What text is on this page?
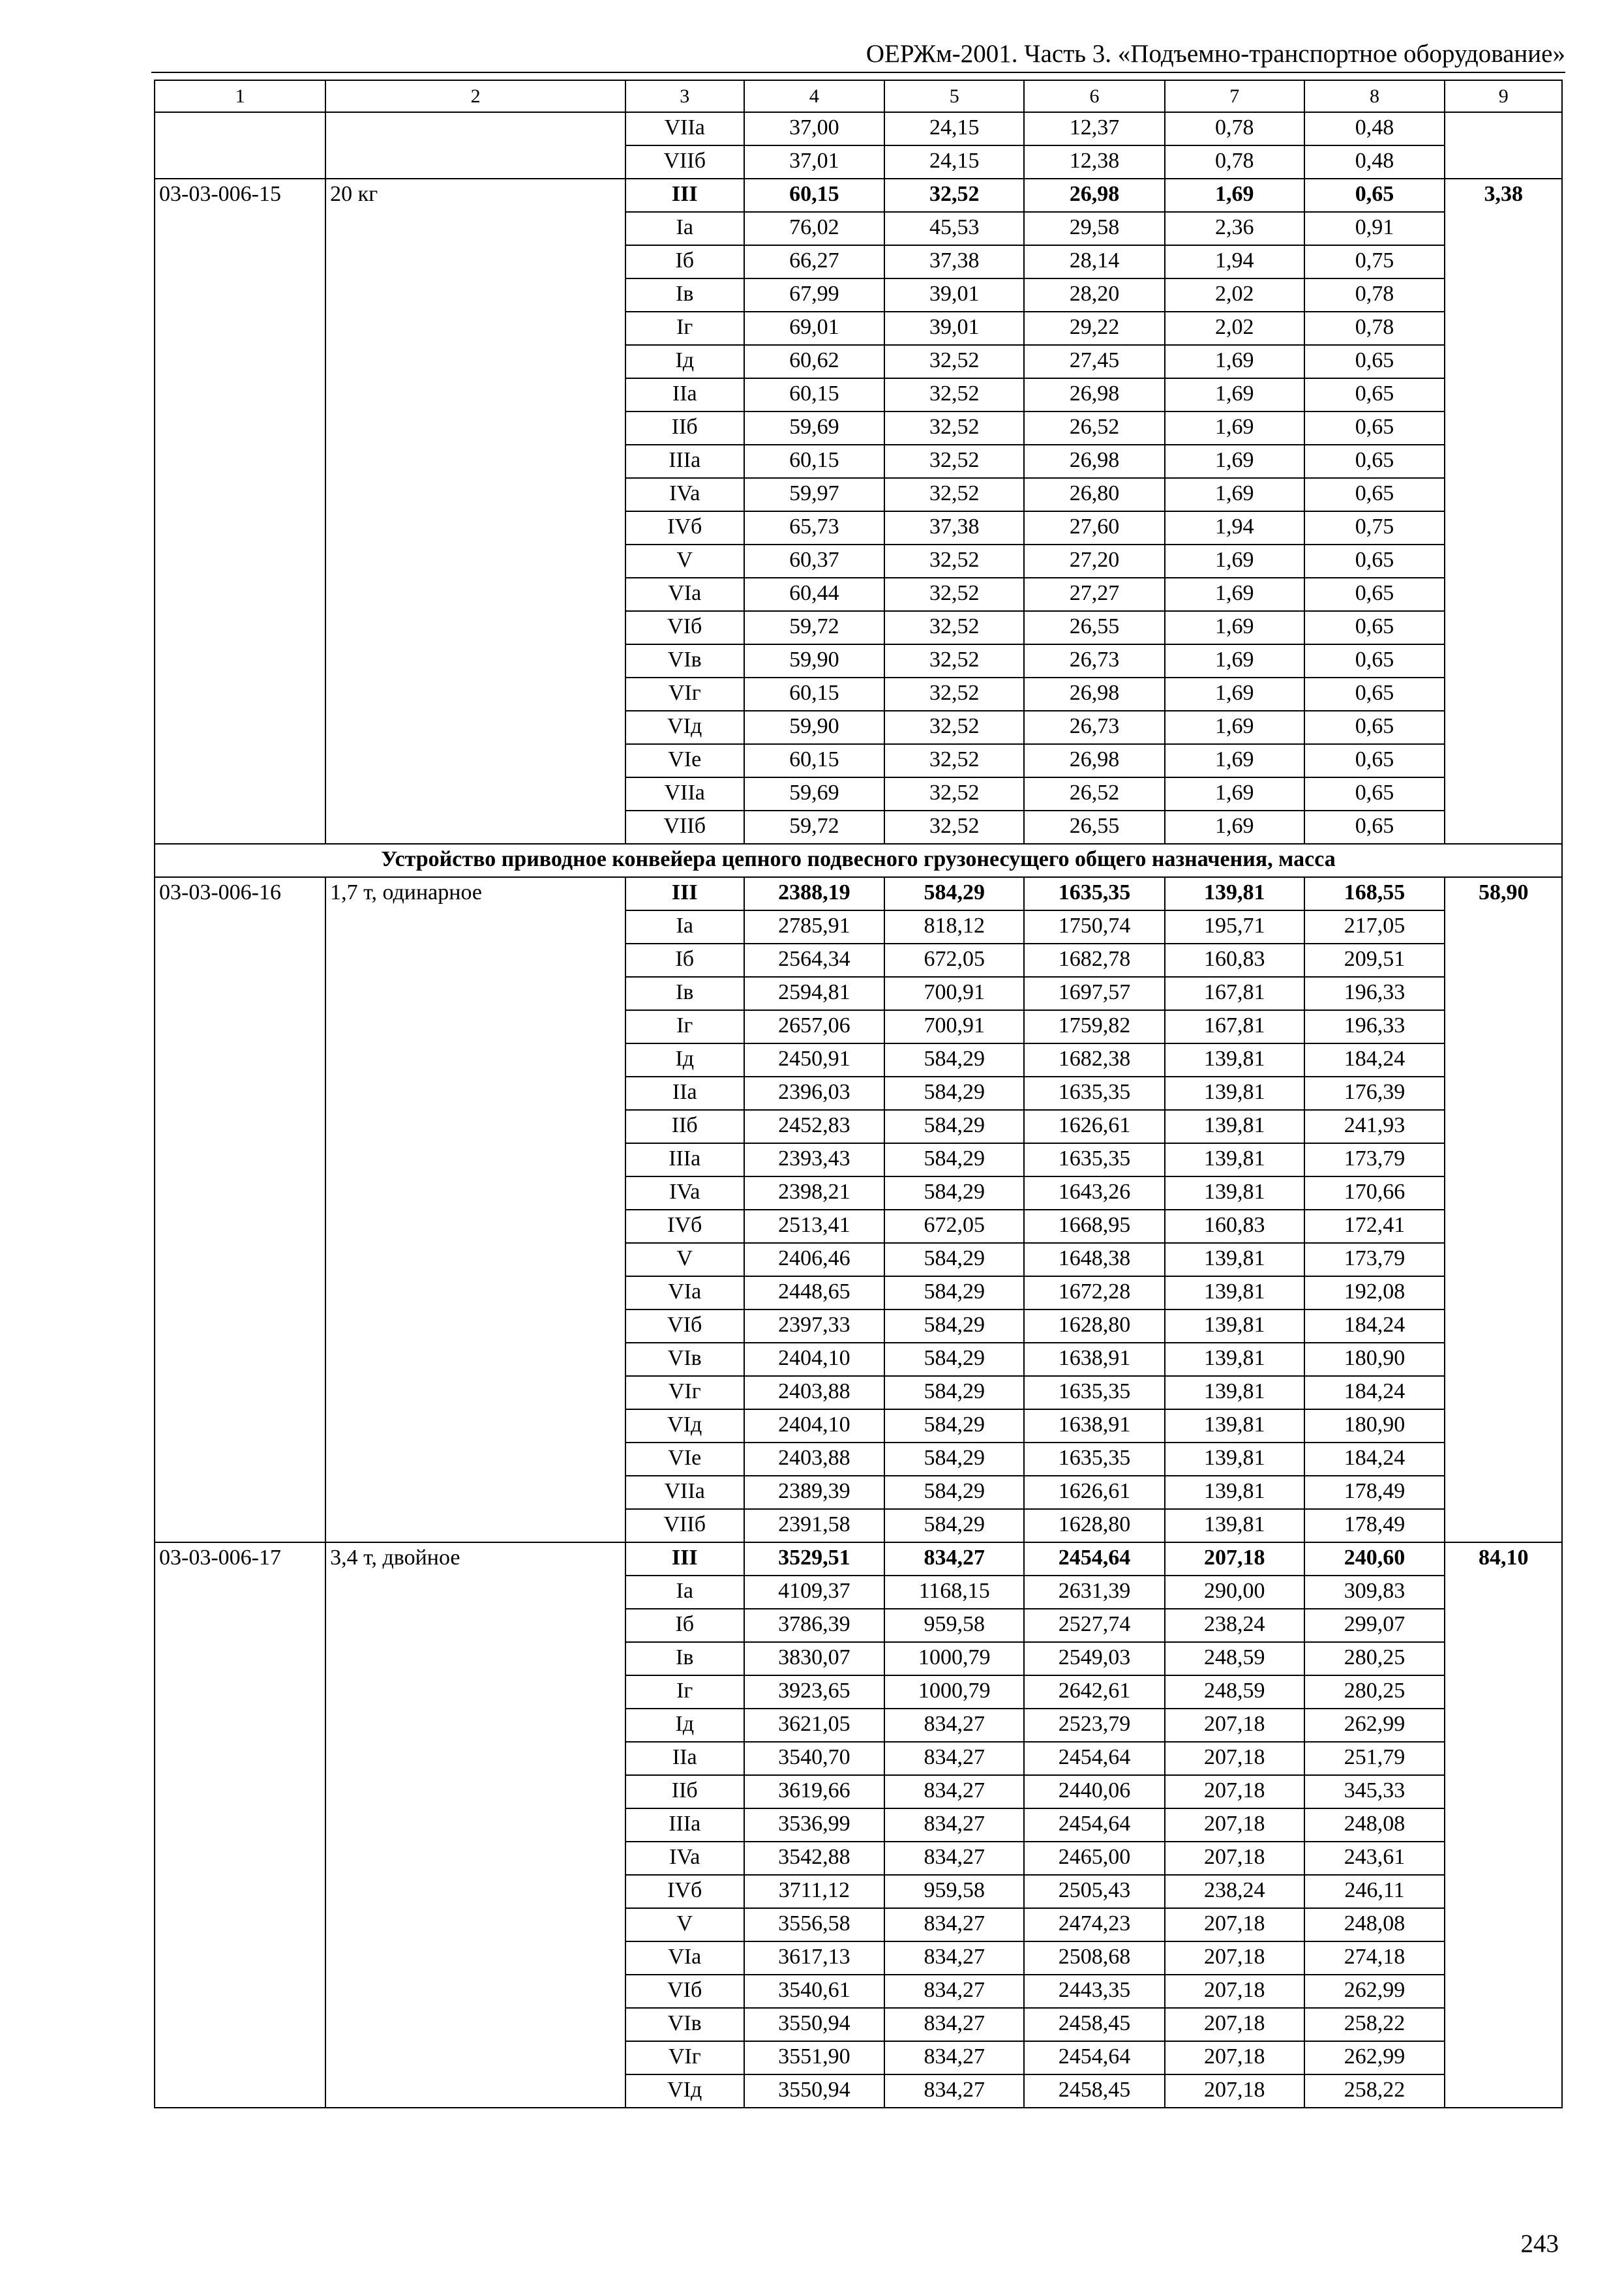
ОЕРЖм-2001. Часть 3. «Подъемно-транспортное оборудование»
1	2	3	4	5	6	7	8	9
		VIIa	37,00	24,15	12,37	0,78	0,48	
		VIIб	37,01	24,15	12,38	0,78	0,48	
03-03-006-15	20 кг	III	60,15	32,52	26,98	1,69	0,65	3,38
		Ia	76,02	45,53	29,58	2,36	0,91	
		Iб	66,27	37,38	28,14	1,94	0,75	
		Iв	67,99	39,01	28,20	2,02	0,78	
		Iг	69,01	39,01	29,22	2,02	0,78	
		Iд	60,62	32,52	27,45	1,69	0,65	
		IIa	60,15	32,52	26,98	1,69	0,65	
		IIб	59,69	32,52	26,52	1,69	0,65	
		IIIa	60,15	32,52	26,98	1,69	0,65	
		IVa	59,97	32,52	26,80	1,69	0,65	
		IVб	65,73	37,38	27,60	1,94	0,75	
		V	60,37	32,52	27,20	1,69	0,65	
		VIa	60,44	32,52	27,27	1,69	0,65	
		VIб	59,72	32,52	26,55	1,69	0,65	
		VIв	59,90	32,52	26,73	1,69	0,65	
		VIг	60,15	32,52	26,98	1,69	0,65	
		VIд	59,90	32,52	26,73	1,69	0,65	
		VIe	60,15	32,52	26,98	1,69	0,65	
		VIIa	59,69	32,52	26,52	1,69	0,65	
		VIIб	59,72	32,52	26,55	1,69	0,65	
Устройство приводное конвейера цепного подвесного грузонесущего общего назначения, масса								
03-03-006-16	1,7 т, одинарное	III	2388,19	584,29	1635,35	139,81	168,55	58,90
		Ia	2785,91	818,12	1750,74	195,71	217,05	
		Iб	2564,34	672,05	1682,78	160,83	209,51	
		Iв	2594,81	700,91	1697,57	167,81	196,33	
		Iг	2657,06	700,91	1759,82	167,81	196,33	
		Iд	2450,91	584,29	1682,38	139,81	184,24	
		IIa	2396,03	584,29	1635,35	139,81	176,39	
		IIб	2452,83	584,29	1626,61	139,81	241,93	
		IIIa	2393,43	584,29	1635,35	139,81	173,79	
		IVa	2398,21	584,29	1643,26	139,81	170,66	
		IVб	2513,41	672,05	1668,95	160,83	172,41	
		V	2406,46	584,29	1648,38	139,81	173,79	
		VIa	2448,65	584,29	1672,28	139,81	192,08	
		VIб	2397,33	584,29	1628,80	139,81	184,24	
		VIв	2404,10	584,29	1638,91	139,81	180,90	
		VIг	2403,88	584,29	1635,35	139,81	184,24	
		VIд	2404,10	584,29	1638,91	139,81	180,90	
		VIe	2403,88	584,29	1635,35	139,81	184,24	
		VIIa	2389,39	584,29	1626,61	139,81	178,49	
		VIIб	2391,58	584,29	1628,80	139,81	178,49	
03-03-006-17	3,4 т, двойное	III	3529,51	834,27	2454,64	207,18	240,60	84,10
		Ia	4109,37	1168,15	2631,39	290,00	309,83	
		Iб	3786,39	959,58	2527,74	238,24	299,07	
		Iв	3830,07	1000,79	2549,03	248,59	280,25	
		Iг	3923,65	1000,79	2642,61	248,59	280,25	
		Iд	3621,05	834,27	2523,79	207,18	262,99	
		IIa	3540,70	834,27	2454,64	207,18	251,79	
		IIб	3619,66	834,27	2440,06	207,18	345,33	
		IIIa	3536,99	834,27	2454,64	207,18	248,08	
		IVa	3542,88	834,27	2465,00	207,18	243,61	
		IVб	3711,12	959,58	2505,43	238,24	246,11	
		V	3556,58	834,27	2474,23	207,18	248,08	
		VIa	3617,13	834,27	2508,68	207,18	274,18	
		VIб	3540,61	834,27	2443,35	207,18	262,99	
		VIв	3550,94	834,27	2458,45	207,18	258,22	
		VIг	3551,90	834,27	2454,64	207,18	262,99	
		VIд	3550,94	834,27	2458,45	207,18	258,22	
243
